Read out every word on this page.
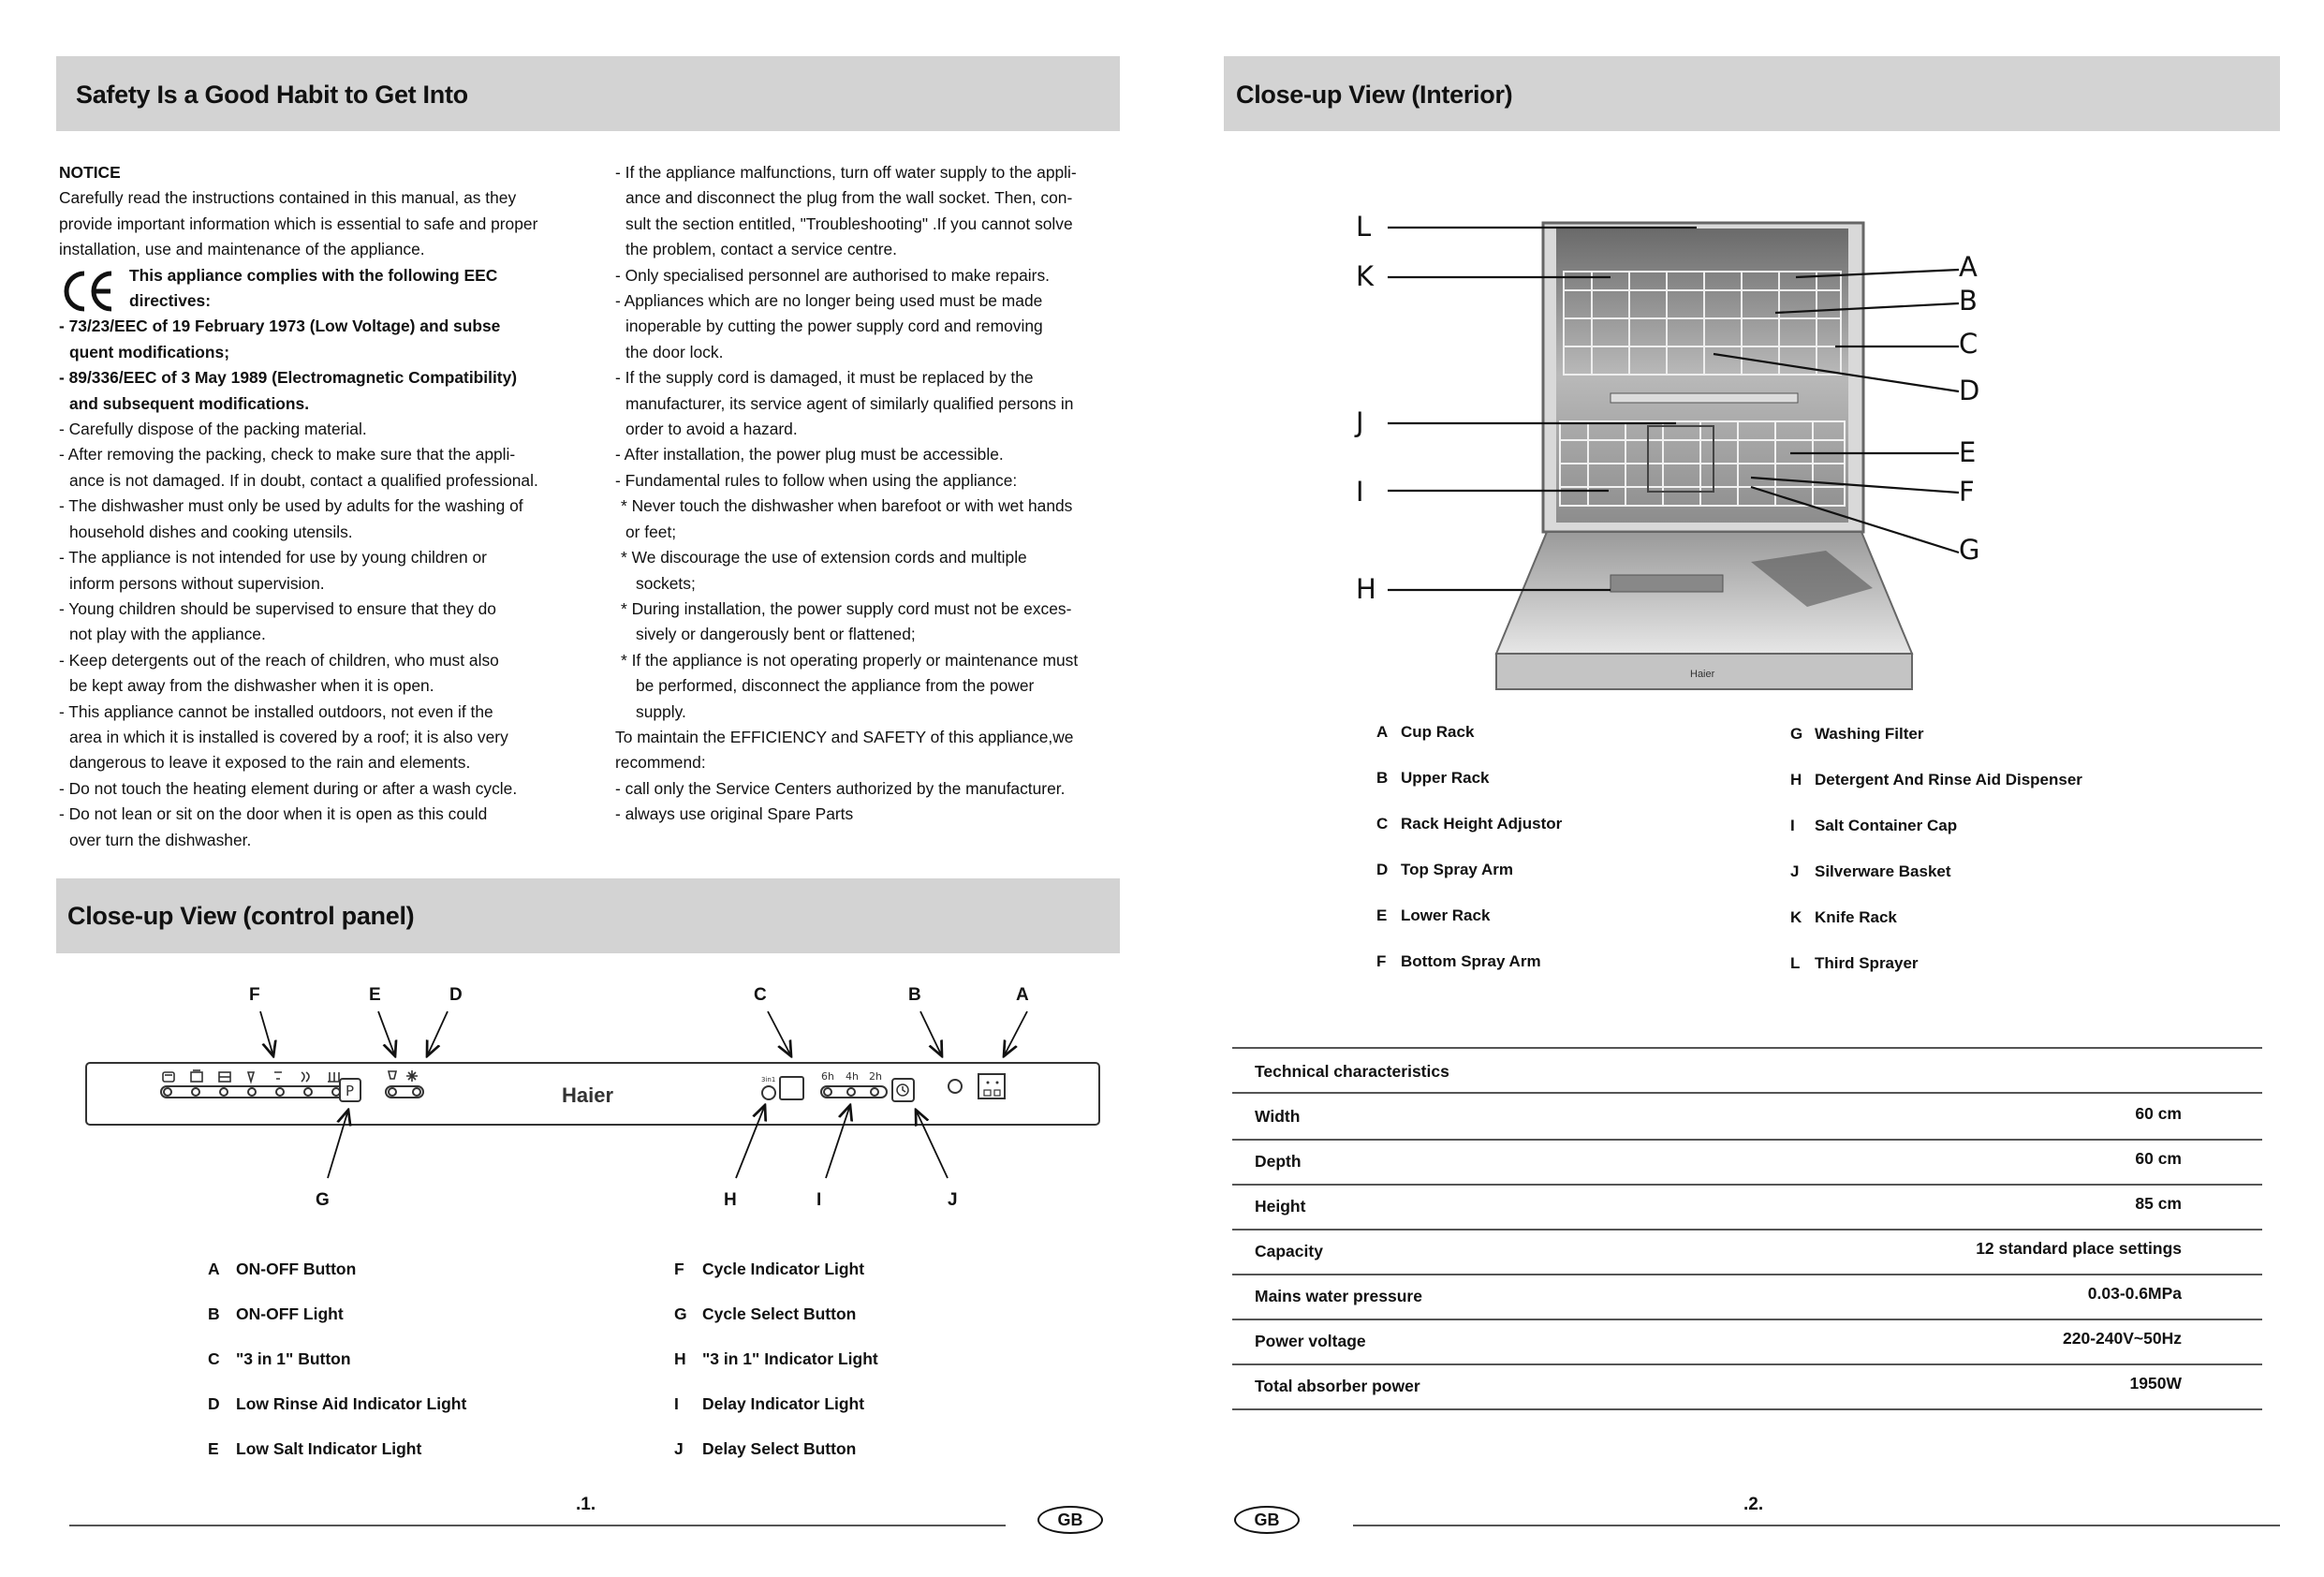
Safety Is a Good Habit to Get Into

NOTICE

Carefully read the instructions contained in this manual, as they

provide important information which is essential to safe and proper

installation, use and maintenance of the appliance.

This appliance complies with the following EEC

directives:

- 73/23/EEC of 19 February 1973 (Low Voltage) and subse

quent modifications;

- 89/336/EEC of 3 May 1989 (Electromagnetic Compatibility)

and subsequent modifications.

- Carefully dispose of the packing material.

- After removing the packing, check to make sure that the appli-

ance is not damaged. If in doubt, contact a qualified professional.

- The dishwasher must only be used by adults for the washing of

household dishes and cooking utensils.

- The appliance is not intended for use by young children or

inform persons without supervision.

- Young children should be supervised to ensure that they do

not play with the appliance.

- Keep detergents out of the reach of children, who must also

be kept away from the dishwasher when it is open.

- This appliance cannot be installed outdoors, not even if the

area in which it is installed is covered by a roof; it is also very

dangerous to leave it exposed to the rain and elements.

- Do not touch the heating element during or after a wash cycle.

- Do not lean or sit on the door when it is open as this could

over turn the dishwasher.

- If the appliance malfunctions, turn off water supply to the appli-

ance and disconnect the plug from the wall socket. Then, con-

sult the section entitled, "Troubleshooting" .If you cannot solve

the problem, contact a service centre.

- Only specialised personnel are authorised to make repairs.

- Appliances which are no longer being used must be made

inoperable by cutting the power supply cord and removing

the door lock.

- If the supply cord is damaged, it must be replaced by the

manufacturer, its service agent of similarly qualified persons in

order to avoid a hazard.

- After installation, the power plug must be accessible.

- Fundamental rules to follow when using the appliance:

* Never touch the dishwasher when barefoot or with wet hands

or feet;

* We discourage the use of extension cords and multiple

sockets;

* During installation, the power supply cord must not be exces-

sively or dangerously bent or flattened;

* If the appliance is not operating properly or maintenance must

be performed, disconnect the appliance from the power

supply.

To maintain the EFFICIENCY and SAFETY of this appliance,we

recommend:

- call only the Service Centers authorized by the manufacturer.

- always use original Spare Parts

Close-up View (control panel)
P	Haier
3in1	6h 4h 2h
F	E	D	C	B	A
G	H	I	J
A ON-OFF Button
B ON-OFF Light
C "3 in 1" Button
D Low Rinse Aid Indicator Light
E Low Salt Indicator Light
F Cycle Indicator Light
G Cycle Select Button
H "3 in 1" Indicator Light
I Delay Indicator Light
J Delay Select Button
.1.
GB
Close-up View (Interior)
Haier
L
K
J
I
H
A
B
C
D
E
F
G
A Cup Rack
B Upper Rack
C Rack Height Adjustor
D Top Spray Arm
E Lower Rack
F Bottom Spray Arm
G Washing Filter
H Detergent And Rinse Aid Dispenser
I Salt Container Cap
J Silverware Basket
K Knife Rack
L Third Sprayer
Technical characteristics
Width	60 cm
Depth	60 cm
Height	85 cm
Capacity	12 standard place settings
Mains water pressure	0.03-0.6MPa
Power voltage	220-240V~50Hz
Total absorber power	1950W
GB
.2.
